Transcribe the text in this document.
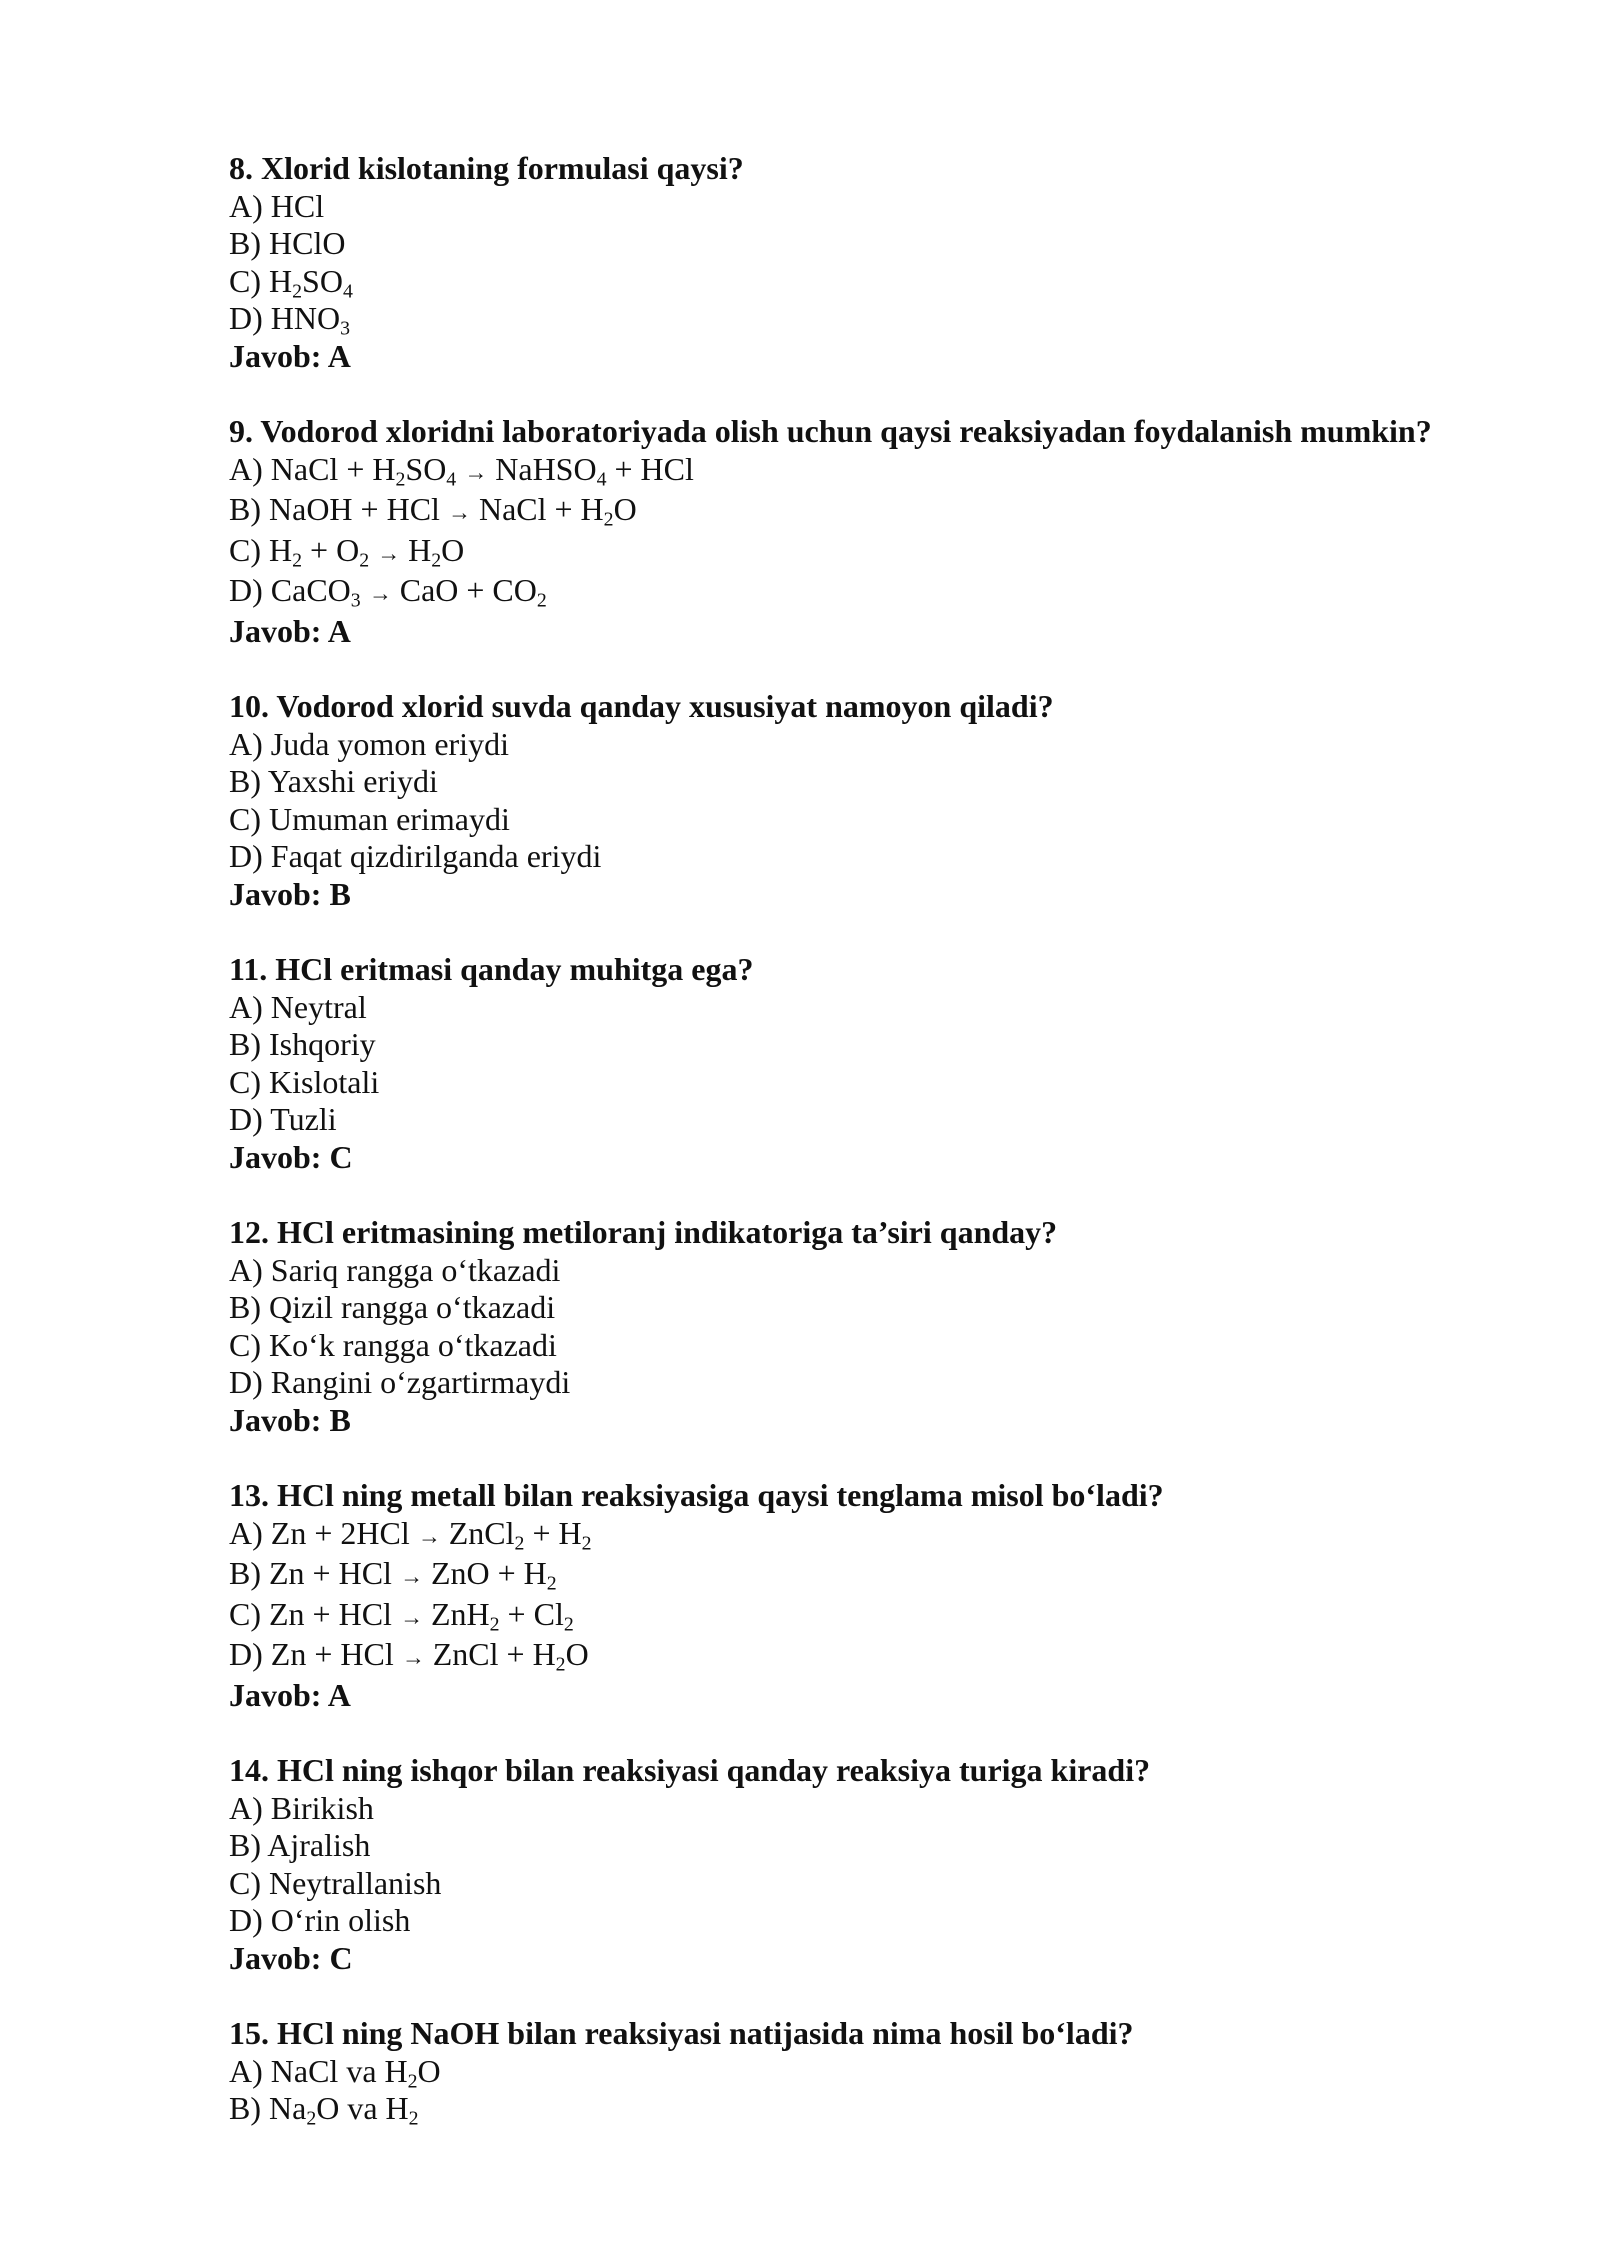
8. Xlorid kislotaning formulasi qaysi?
A) HCl
B) HClO
C) $H_2SO_4$
D) $HNO_3$
Javob: A
9. Vodorod xloridni laboratoriyada olish uchun qaysi reaksiyadan foydalanish mumkin?
A) NaCl + $H_2SO_4$ → NaHSO$_4$ + HCl
B) NaOH + HCl → NaCl + $H_2O$
C) $H_2 + O_2 \to H_2O$
D) CaCO$_3$ → CaO + $CO_2$
Javob: A
10. Vodorod xlorid suvda qanday xususiyat namoyon qiladi?
A) Juda yomon eriydi
B) Yaxshi eriydi
C) Umuman erimaydi
D) Faqat qizdirilganda eriydi
Javob: B
11. HCl eritmasi qanday muhitga ega?
A) Neytral
B) Ishqoriy
C) Kislotali
D) Tuzli
Javob: C
12. HCl eritmasining metiloranj indikatoriga ta’siri qanday?
A) Sariq rangga o‘tkazadi
B) Qizil rangga o‘tkazadi
C) Ko‘k rangga o‘tkazadi
D) Rangini o‘zgartirmaydi
Javob: B
13. HCl ning metall bilan reaksiyasiga qaysi tenglama misol bo‘ladi?
A) Zn + 2HCl → ZnCl$_2$ + $H_2$
B) Zn + HCl → ZnO + $H_2$
C) Zn + HCl → $ZnH_2 + Cl_2$
D) Zn + HCl → ZnCl + $H_2O$
Javob: A
14. HCl ning ishqor bilan reaksiyasi qanday reaksiya turiga kiradi?
A) Birikish
B) Ajralish
C) Neytrallanish
D) O‘rin olish
Javob: C
15. HCl ning NaOH bilan reaksiyasi natijasida nima hosil bo‘ladi?
A) NaCl va $H_2O$
B) $Na_2O$ va $H_2$
